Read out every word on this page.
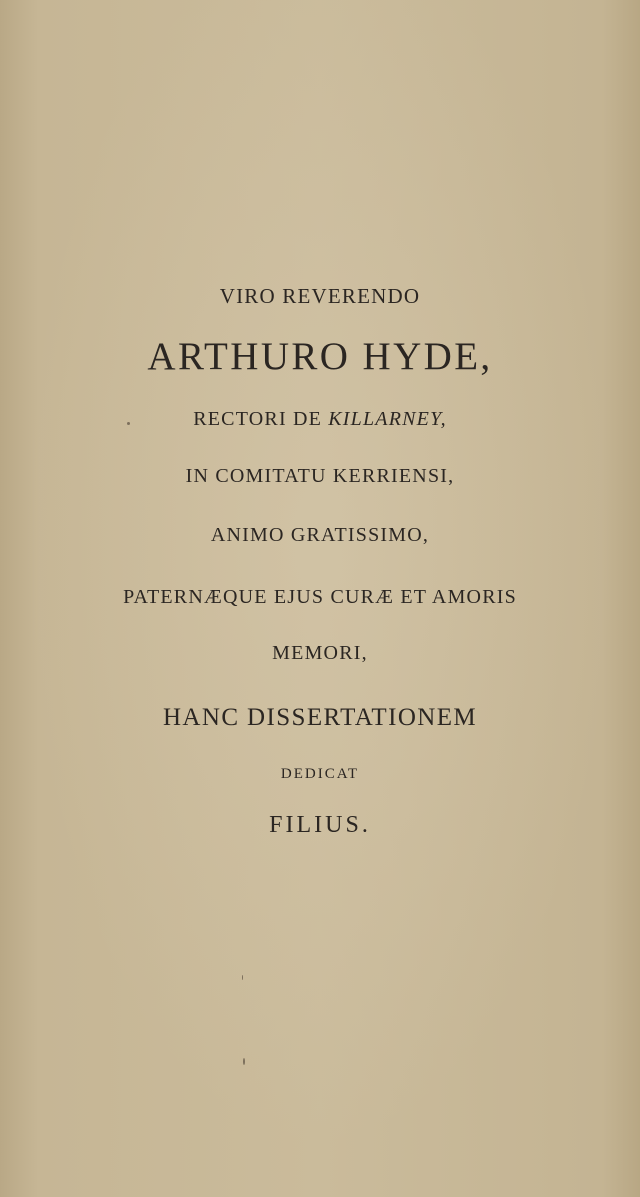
VIRO REVERENDO
ARTHURO HYDE,
RECTORI DE KILLARNEY,
IN COMITATU KERRIENSI,
ANIMO GRATISSIMO,
PATERNÆQUE EJUS CURÆ ET AMORIS
MEMORI,
HANC DISSERTATIONEM
DEDICAT
FILIUS.
